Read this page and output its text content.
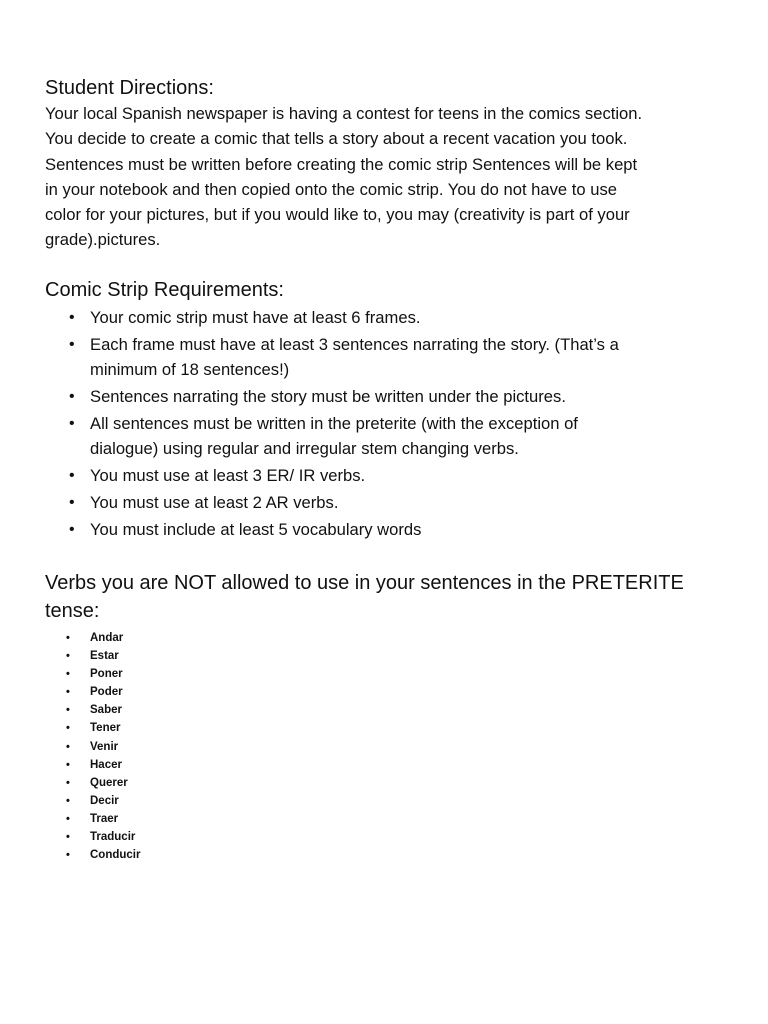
Student Directions:

Your local Spanish newspaper is having a contest for teens in the comics section.
You decide to create a comic that tells a story about a recent vacation you took.
Sentences must be written before creating the comic strip Sentences will be kept
in your notebook and then copied onto the comic strip. You do not have to use
color for your pictures, but if you would like to, you may (creativity is part of your
grade).pictures.

Comic Strip Requirements:
• Your comic strip must have at least 6 frames.
• Each frame must have at least 3 sentences narrating the story. (That’s a
minimum of 18 sentences!)
• Sentences narrating the story must be written under the pictures.
• All sentences must be written in the preterite (with the exception of
dialogue) using regular and irregular stem changing verbs.
• You must use at least 3 ER/ IR verbs.
• You must use at least 2 AR verbs.
• You must include at least 5 vocabulary words
Verbs you are NOT allowed to use in your sentences in the PRETERITE tense:
• Andar
• Estar
• Poner
• Poder
• Saber
• Tener
• Venir
• Hacer
• Querer
• Decir
• Traer
• Traducir
• Conducir
